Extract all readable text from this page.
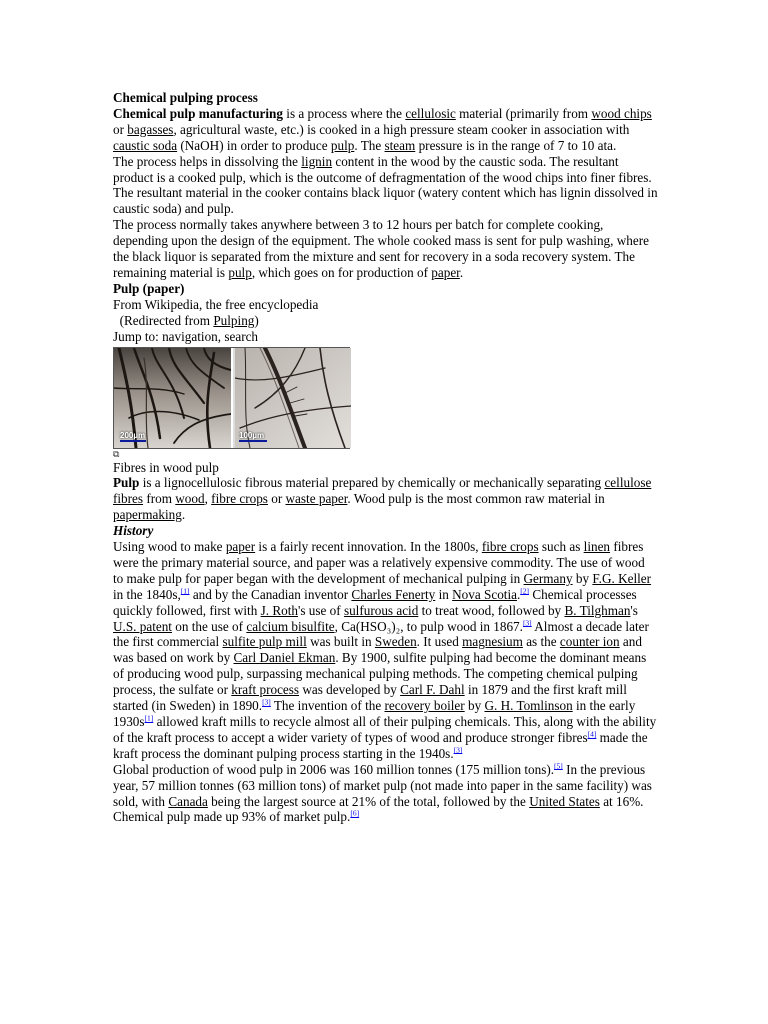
Chemical pulping process

Chemical pulp manufacturing is a process where the cellulosic material (primarily from wood chips or bagasses, agricultural waste, etc.) is cooked in a high pressure steam cooker in association with caustic soda (NaOH) in order to produce pulp. The steam pressure is in the range of 7 to 10 ata.

The process helps in dissolving the lignin content in the wood by the caustic soda. The resultant product is a cooked pulp, which is the outcome of defragmentation of the wood chips into finer fibres. The resultant material in the cooker contains black liquor (watery content which has lignin dissolved in caustic soda) and pulp.

The process normally takes anywhere between 3 to 12 hours per batch for complete cooking, depending upon the design of the equipment. The whole cooked mass is sent for pulp washing, where the black liquor is separated from the mixture and sent for recovery in a soda recovery system. The remaining material is pulp, which goes on for production of paper.

Pulp (paper)

From Wikipedia, the free encyclopedia

(Redirected from Pulping)

Jump to: navigation, search

200µm	100µm
⧉

Fibres in wood pulp

Pulp is a lignocellulosic fibrous material prepared by chemically or mechanically separating cellulose fibres from wood, fibre crops or waste paper. Wood pulp is the most common raw material in papermaking.

History

Using wood to make paper is a fairly recent innovation. In the 1800s, fibre crops such as linen fibres were the primary material source, and paper was a relatively expensive commodity. The use of wood to make pulp for paper began with the development of mechanical pulping in Germany by F.G. Keller in the 1840s,[1] and by the Canadian inventor Charles Fenerty in Nova Scotia.[2] Chemical processes quickly followed, first with J. Roth's use of sulfurous acid to treat wood, followed by B. Tilghman's U.S. patent on the use of calcium bisulfite, Ca(HSO₃)₂, to pulp wood in 1867.[3] Almost a decade later the first commercial sulfite pulp mill was built in Sweden. It used magnesium as the counter ion and was based on work by Carl Daniel Ekman. By 1900, sulfite pulping had become the dominant means of producing wood pulp, surpassing mechanical pulping methods. The competing chemical pulping process, the sulfate or kraft process was developed by Carl F. Dahl in 1879 and the first kraft mill started (in Sweden) in 1890.[3] The invention of the recovery boiler by G. H. Tomlinson in the early 1930s[1] allowed kraft mills to recycle almost all of their pulping chemicals. This, along with the ability of the kraft process to accept a wider variety of types of wood and produce stronger fibres[4] made the kraft process the dominant pulping process starting in the 1940s.[3]

Global production of wood pulp in 2006 was 160 million tonnes (175 million tons).[5] In the previous year, 57 million tonnes (63 million tons) of market pulp (not made into paper in the same facility) was sold, with Canada being the largest source at 21% of the total, followed by the United States at 16%. Chemical pulp made up 93% of market pulp.[6]
